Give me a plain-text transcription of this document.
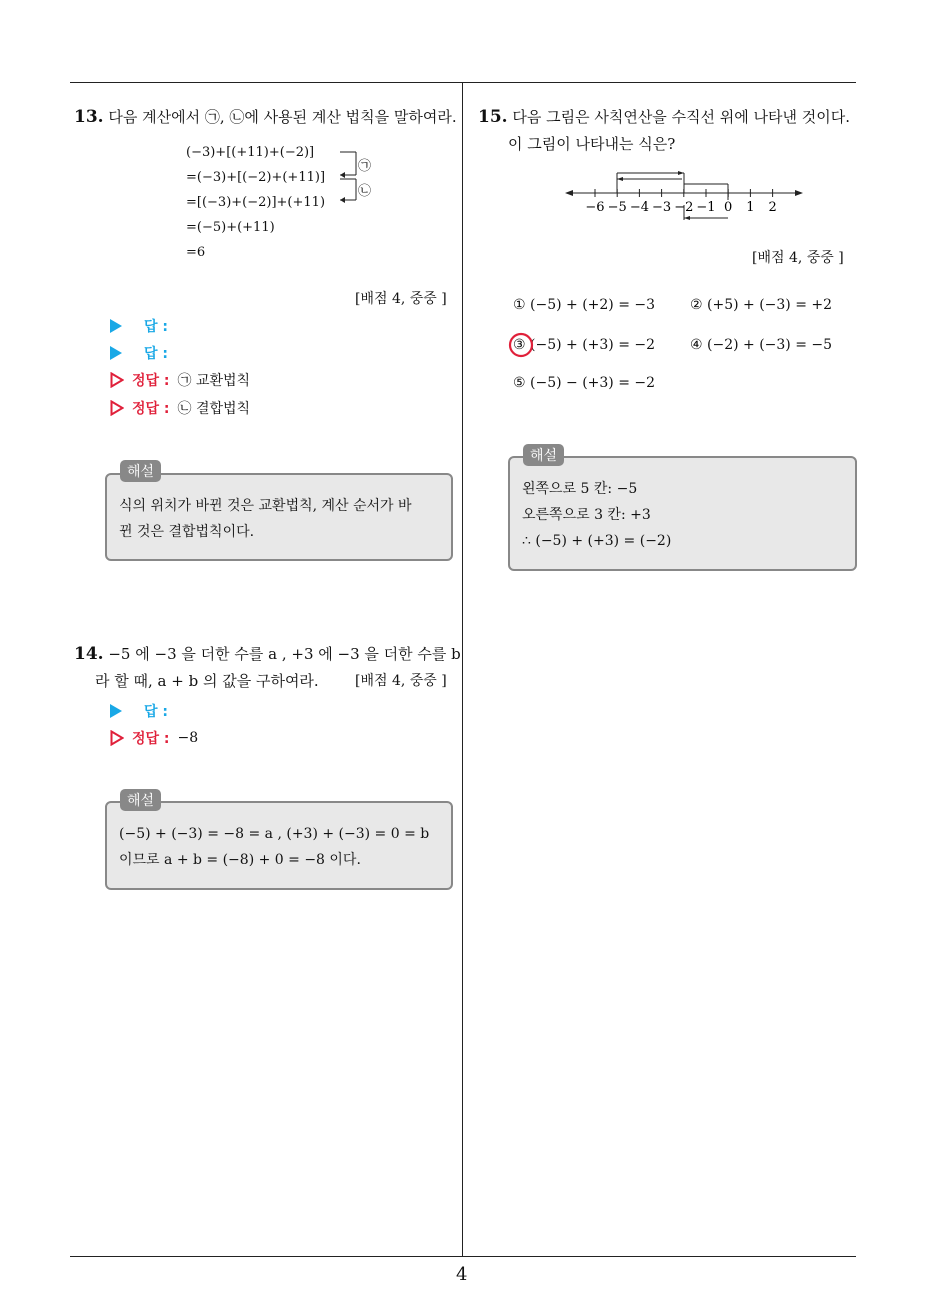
4
13. 다음 계산에서 ㉠, ㉡에 사용된 계산 법칙을 말하여라.
(−3)+[(+11)+(−2)]
=(−3)+[(−2)+(+11)]
=[(−3)+(−2)]+(+11)
=(−5)+(+11)
=6
㉠
㉡
[배점 4, 중중 ]
답 :
답 :
정답 : ㉠ 교환법칙
정답 : ㉡ 결합법칙
식의 위치가 바뀐 것은 교환법칙, 계산 순서가 바
뀐 것은 결합법칙이다.
해설
14. −5 에 −3 을 더한 수를 a , +3 에 −3 을 더한 수를 b
라 할 때, a + b 의 값을 구하여라.	[배점 4, 중중 ]
답 :
정답 : −8
(−5) + (−3) = −8 = a , (+3) + (−3) = 0 = b
이므로 a + b = (−8) + 0 = −8 이다.
해설
15. 다음 그림은 사칙연산을 수직선 위에 나타낸 것이다.
이 그림이 나타내는 식은?
−6 −5 −4 −3 −2 −1 0 1 2
[배점 4, 중중 ]
① (−5) + (+2) = −3 ② (+5) + (−3) = +2
③ (−5) + (+3) = −2 ④ (−2) + (−3) = −5
⑤ (−5) − (+3) = −2
왼쪽으로 5 칸: −5
오른쪽으로 3 칸: +3
∴ (−5) + (+3) = (−2)
해설
